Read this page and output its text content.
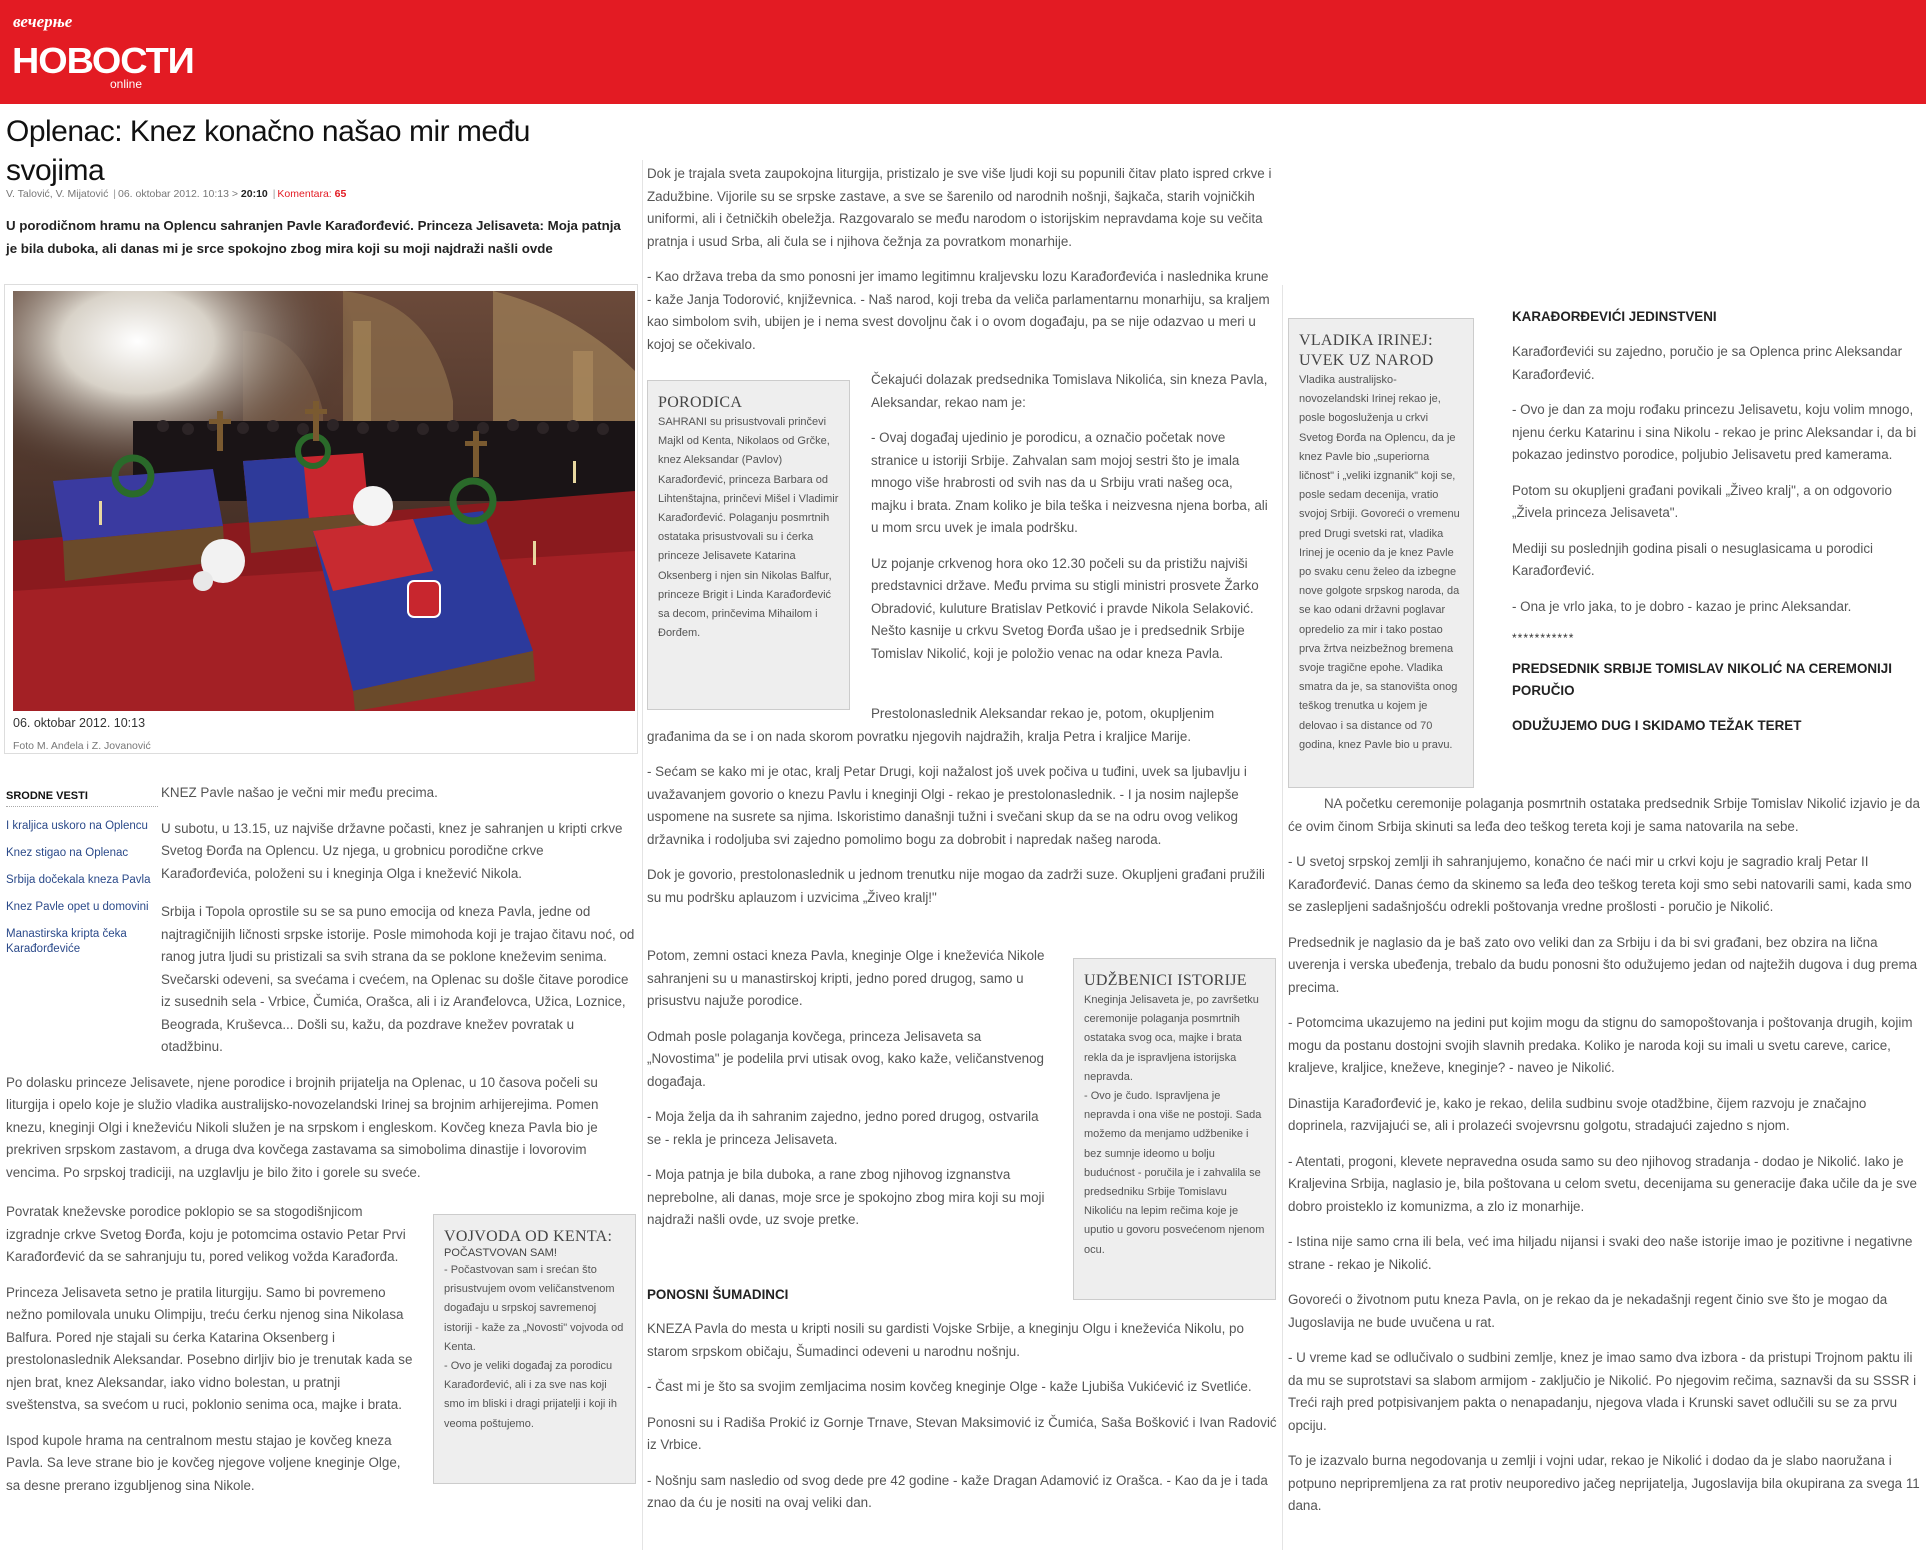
вечерње
НОВОСТИ
online
Oplenac: Knez konačno našao mir među svojima
V. Talović, V. Mijatović | 06. oktobar 2012. 10:13 > 20:10 | Komentara: 65
U porodičnom hramu na Oplencu sahranjen Pavle Karađorđević. Princeza Jelisaveta: Moja patnja je bila duboka, ali danas mi je srce spokojno zbog mira koji su moji najdraži našli ovde
06. oktobar 2012. 10:13
Foto M. Anđela i Z. Jovanović
SRODNE VESTI
I kraljica uskoro na Oplencu
Knez stigao na Oplenac
Srbija dočekala kneza Pavla
Knez Pavle opet u domovini
Manastirska kripta čeka Karađorđeviće

KNEZ Pavle našao je večni mir među precima.

U subotu, u 13.15, uz najviše državne počasti, knez je sahranjen u kripti crkve Svetog Đorđa na Oplencu. Uz njega, u grobnicu porodične crkve Karađorđevića, položeni su i kneginja Olga i knežević Nikola.

Srbija i Topola oprostile su se sa puno emocija od kneza Pavla, jedne od najtragičnijih ličnosti srpske istorije. Posle mimohoda koji je trajao čitavu noć, od ranog jutra ljudi su pristizali sa svih strana da se poklone kneževim senima. Svečarski odeveni, sa svećama i cvećem, na Oplenac su došle čitave porodice iz susednih sela - Vrbice, Čumića, Orašca, ali i iz Aranđelovca, Užica, Loznice, Beograda, Kruševca... Došli su, kažu, da pozdrave knežev povratak u otadžbinu.

Po dolasku princeze Jelisavete, njene porodice i brojnih prijatelja na Oplenac, u 10 časova počeli su liturgija i opelo koje je služio vladika australijsko-novozelandski Irinej sa brojnim arhijerejima. Pomen knezu, kneginji Olgi i kneževiću Nikoli služen je na srpskom i engleskom. Kovčeg kneza Pavla bio je prekriven srpskom zastavom, a druga dva kovčega zastavama sa simobolima dinastije i lovorovim vencima. Po srpskoj tradiciji, na uzglavlju je bilo žito i gorele su sveće.

Povratak kneževske porodice poklopio se sa stogodišnjicom izgradnje crkve Svetog Đorđa, koju je potomcima ostavio Petar Prvi Karađorđević da se sahranjuju tu, pored velikog vožda Karađorđa.

Princeza Jelisaveta setno je pratila liturgiju. Samo bi povremeno nežno pomilovala unuku Olimpiju, treću ćerku njenog sina Nikolasa Balfura. Pored nje stajali su ćerka Katarina Oksenberg i prestolonaslednik Aleksandar. Posebno dirljiv bio je trenutak kada se njen brat, knez Aleksandar, iako vidno bolestan, u pratnji sveštenstva, sa svećom u ruci, poklonio senima oca, majke i brata.

Ispod kupole hrama na centralnom mestu stajao je kovčeg kneza Pavla. Sa leve strane bio je kovčeg njegove voljene kneginje Olge, sa desne prerano izgubljenog sina Nikole.

VOJVODA OD KENTA:
POČASTVOVAN SAM!
- Počastvovan sam i srećan što prisustvujem ovom veličanstvenom događaju u srpskoj savremenoj istoriji - kaže za „Novosti" vojvoda od Kenta.
- Ovo je veliki događaj za porodicu Karađorđević, ali i za sve nas koji smo im bliski i dragi prijatelji i koji ih veoma poštujemo.

Dok je trajala sveta zaupokojna liturgija, pristizalo je sve više ljudi koji su popunili čitav plato ispred crkve i Zadužbine. Vijorile su se srpske zastave, a sve se šarenilo od narodnih nošnji, šajkača, starih vojničkih uniformi, ali i četničkih obeležja. Razgovaralo se među narodom o istorijskim nepravdama koje su večita pratnja i usud Srba, ali čula se i njihova čežnja za povratkom monarhije.

- Kao država treba da smo ponosni jer imamo legitimnu kraljevsku lozu Karađorđevića i naslednika krune - kaže Janja Todorović, književnica. - Naš narod, koji treba da veliča parlamentarnu monarhiju, sa kraljem kao simbolom svih, ubijen je i nema svest dovoljnu čak i o ovom događaju, pa se nije odazvao u meri u kojoj se očekivalo.

PORODICA
SAHRANI su prisustvovali prinčevi Majkl od Kenta, Nikolaos od Grčke, knez Aleksandar (Pavlov) Karađorđević, princeza Barbara od Lihtenštajna, prinčevi Mišel i Vladimir Karađorđević. Polaganju posmrtnih ostataka prisustvovali su i ćerka princeze Jelisavete Katarina Oksenberg i njen sin Nikolas Balfur, princeze Brigit i Linda Karađorđević sa decom, prinčevima Mihailom i Đorđem.

Čekajući dolazak predsednika Tomislava Nikolića, sin kneza Pavla, Aleksandar, rekao nam je:

- Ovaj događaj ujedinio je porodicu, a označio početak nove stranice u istoriji Srbije. Zahvalan sam mojoj sestri što je imala mnogo više hrabrosti od svih nas da u Srbiju vrati našeg oca, majku i brata. Znam koliko je bila teška i neizvesna njena borba, ali u mom srcu uvek je imala podršku.

Uz pojanje crkvenog hora oko 12.30 počeli su da pristižu najviši predstavnici države. Među prvima su stigli ministri prosvete Žarko Obradović, kuluture Bratislav Petković i pravde Nikola Selaković. Nešto kasnije u crkvu Svetog Đorđa ušao je i predsednik Srbije Tomislav Nikolić, koji je položio venac na odar kneza Pavla.

Prestolonaslednik Aleksandar rekao je, potom, okupljenim građanima da se i on nada skorom povratku njegovih najdražih, kralja Petra i kraljice Marije.

- Sećam se kako mi je otac, kralj Petar Drugi, koji nažalost još uvek počiva u tuđini, uvek sa ljubavlju i uvažavanjem govorio o knezu Pavlu i kneginji Olgi - rekao je prestolonaslednik. - I ja nosim najlepše uspomene na susrete sa njima. Iskoristimo današnji tužni i svečani skup da se na odru ovog velikog državnika i rodoljuba svi zajedno pomolimo bogu za dobrobit i napredak našeg naroda.

Dok je govorio, prestolonaslednik u jednom trenutku nije mogao da zadrži suze. Okupljeni građani pružili su mu podršku aplauzom i uzvicima „Živeo kralj!"

Potom, zemni ostaci kneza Pavla, kneginje Olge i kneževića Nikole sahranjeni su u manastirskoj kripti, jedno pored drugog, samo u prisustvu najuže porodice.

Odmah posle polaganja kovčega, princeza Jelisaveta sa „Novostima" je podelila prvi utisak ovog, kako kaže, veličanstvenog događaja.

- Moja želja da ih sahranim zajedno, jedno pored drugog, ostvarila se - rekla je princeza Jelisaveta.

- Moja patnja je bila duboka, a rane zbog njihovog izgnanstva neprebolne, ali danas, moje srce je spokojno zbog mira koji su moji najdraži našli ovde, uz svoje pretke.

UDŽBENICI ISTORIJE
Kneginja Jelisaveta je, po završetku ceremonije polaganja posmrtnih ostataka svog oca, majke i brata rekla da je ispravljena istorijska nepravda.
- Ovo je čudo. Ispravljena je nepravda i ona više ne postoji. Sada možemo da menjamo udžbenike i bez sumnje ideomo u bolju budućnost - poručila je i zahvalila se predsedniku Srbije Tomislavu Nikoliću na lepim rečima koje je uputio u govoru posvećenom njenom ocu.
PONOSNI ŠUMADINCI

KNEZA Pavla do mesta u kripti nosili su gardisti Vojske Srbije, a kneginju Olgu i kneževića Nikolu, po starom srpskom običaju, Šumadinci odeveni u narodnu nošnju.

- Čast mi je što sa svojim zemljacima nosim kovčeg kneginje Olge - kaže Ljubiša Vukićević iz Svetliće.

Ponosni su i Radiša Prokić iz Gornje Trnave, Stevan Maksimović iz Čumića, Saša Bošković i Ivan Radović iz Vrbice.

- Nošnju sam nasledio od svog dede pre 42 godine - kaže Dragan Adamović iz Orašca. - Kao da je i tada znao da ću je nositi na ovaj veliki dan.

VLADIKA IRINEJ: UVEK UZ NAROD
Vladika australijsko-novozelandski Irinej rekao je, posle bogosluženja u crkvi Svetog Đorđa na Oplencu, da je knez Pavle bio „superiorna ličnost" i „veliki izgnanik" koji se, posle sedam decenija, vratio svojoj Srbiji. Govoreći o vremenu pred Drugi svetski rat, vladika Irinej je ocenio da je knez Pavle po svaku cenu želeo da izbegne nove golgote srpskog naroda, da se kao odani državni poglavar opredelio za mir i tako postao prva žrtva neizbežnog bremena svoje tragične epohe. Vladika smatra da je, sa stanovišta onog teškog trenutka u kojem je delovao i sa distance od 70 godina, knez Pavle bio u pravu.
KARAĐORĐEVIĆI JEDINSTVENI

Karađorđevići su zajedno, poručio je sa Oplenca princ Aleksandar Karađorđević.

- Ovo je dan za moju rođaku princezu Jelisavetu, koju volim mnogo, njenu ćerku Katarinu i sina Nikolu - rekao je princ Aleksandar i, da bi pokazao jedinstvo porodice, poljubio Jelisavetu pred kamerama.

Potom su okupljeni građani povikali „Živeo kralj", a on odgovorio „Živela princeza Jelisaveta".

Mediji su poslednjih godina pisali o nesuglasicama u porodici Karađorđević.

- Ona je vrlo jaka, to je dobro - kazao je princ Aleksandar.

***********
PREDSEDNIK SRBIJE TOMISLAV NIKOLIĆ NA CEREMONIJI PORUČIO
ODUŽUJEMO DUG I SKIDAMO TEŽAK TERET

NA početku ceremonije polaganja posmrtnih ostataka predsednik Srbije Tomislav Nikolić izjavio je da će ovim činom Srbija skinuti sa leđa deo teškog tereta koji je sama natovarila na sebe.

- U svetoj srpskoj zemlji ih sahranjujemo, konačno će naći mir u crkvi koju je sagradio kralj Petar II Karađorđević. Danas ćemo da skinemo sa leđa deo teškog tereta koji smo sebi natovarili sami, kada smo se zaslepljeni sadašnjošću odrekli poštovanja vredne prošlosti - poručio je Nikolić.

Predsednik je naglasio da je baš zato ovo veliki dan za Srbiju i da bi svi građani, bez obzira na lična uverenja i verska ubeđenja, trebalo da budu ponosni što odužujemo jedan od najtežih dugova i dug prema precima.

- Potomcima ukazujemo na jedini put kojim mogu da stignu do samopoštovanja i poštovanja drugih, kojim mogu da postanu dostojni svojih slavnih predaka. Koliko je naroda koji su imali u svetu careve, carice, kraljeve, kraljice, kneževe, kneginje? - naveo je Nikolić.

Dinastija Karađorđević je, kako je rekao, delila sudbinu svoje otadžbine, čijem razvoju je značajno doprinela, razvijajući se, ali i prolazeći svojevrsnu golgotu, stradajući zajedno s njom.

- Atentati, progoni, klevete nepravedna osuda samo su deo njihovog stradanja - dodao je Nikolić. Iako je Kraljevina Srbija, naglasio je, bila poštovana u celom svetu, decenijama su generacije đaka učile da je sve dobro proisteklo iz komunizma, a zlo iz monarhije.

- Istina nije samo crna ili bela, već ima hiljadu nijansi i svaki deo naše istorije imao je pozitivne i negativne strane - rekao je Nikolić.

Govoreći o životnom putu kneza Pavla, on je rekao da je nekadašnji regent činio sve što je mogao da Jugoslavija ne bude uvučena u rat.

- U vreme kad se odlučivalo o sudbini zemlje, knez je imao samo dva izbora - da pristupi Trojnom paktu ili da mu se suprotstavi sa slabom armijom - zaključio je Nikolić. Po njegovim rečima, saznavši da su SSSR i Treći rajh pred potpisivanjem pakta o nenapadanju, njegova vlada i Krunski savet odlučili su se za prvu opciju.

To je izazvalo burna negodovanja u zemlji i vojni udar, rekao je Nikolić i dodao da je slabo naoružana i potpuno nepripremljena za rat protiv neuporedivo jačeg neprijatelja, Jugoslavija bila okupirana za svega 11 dana.
